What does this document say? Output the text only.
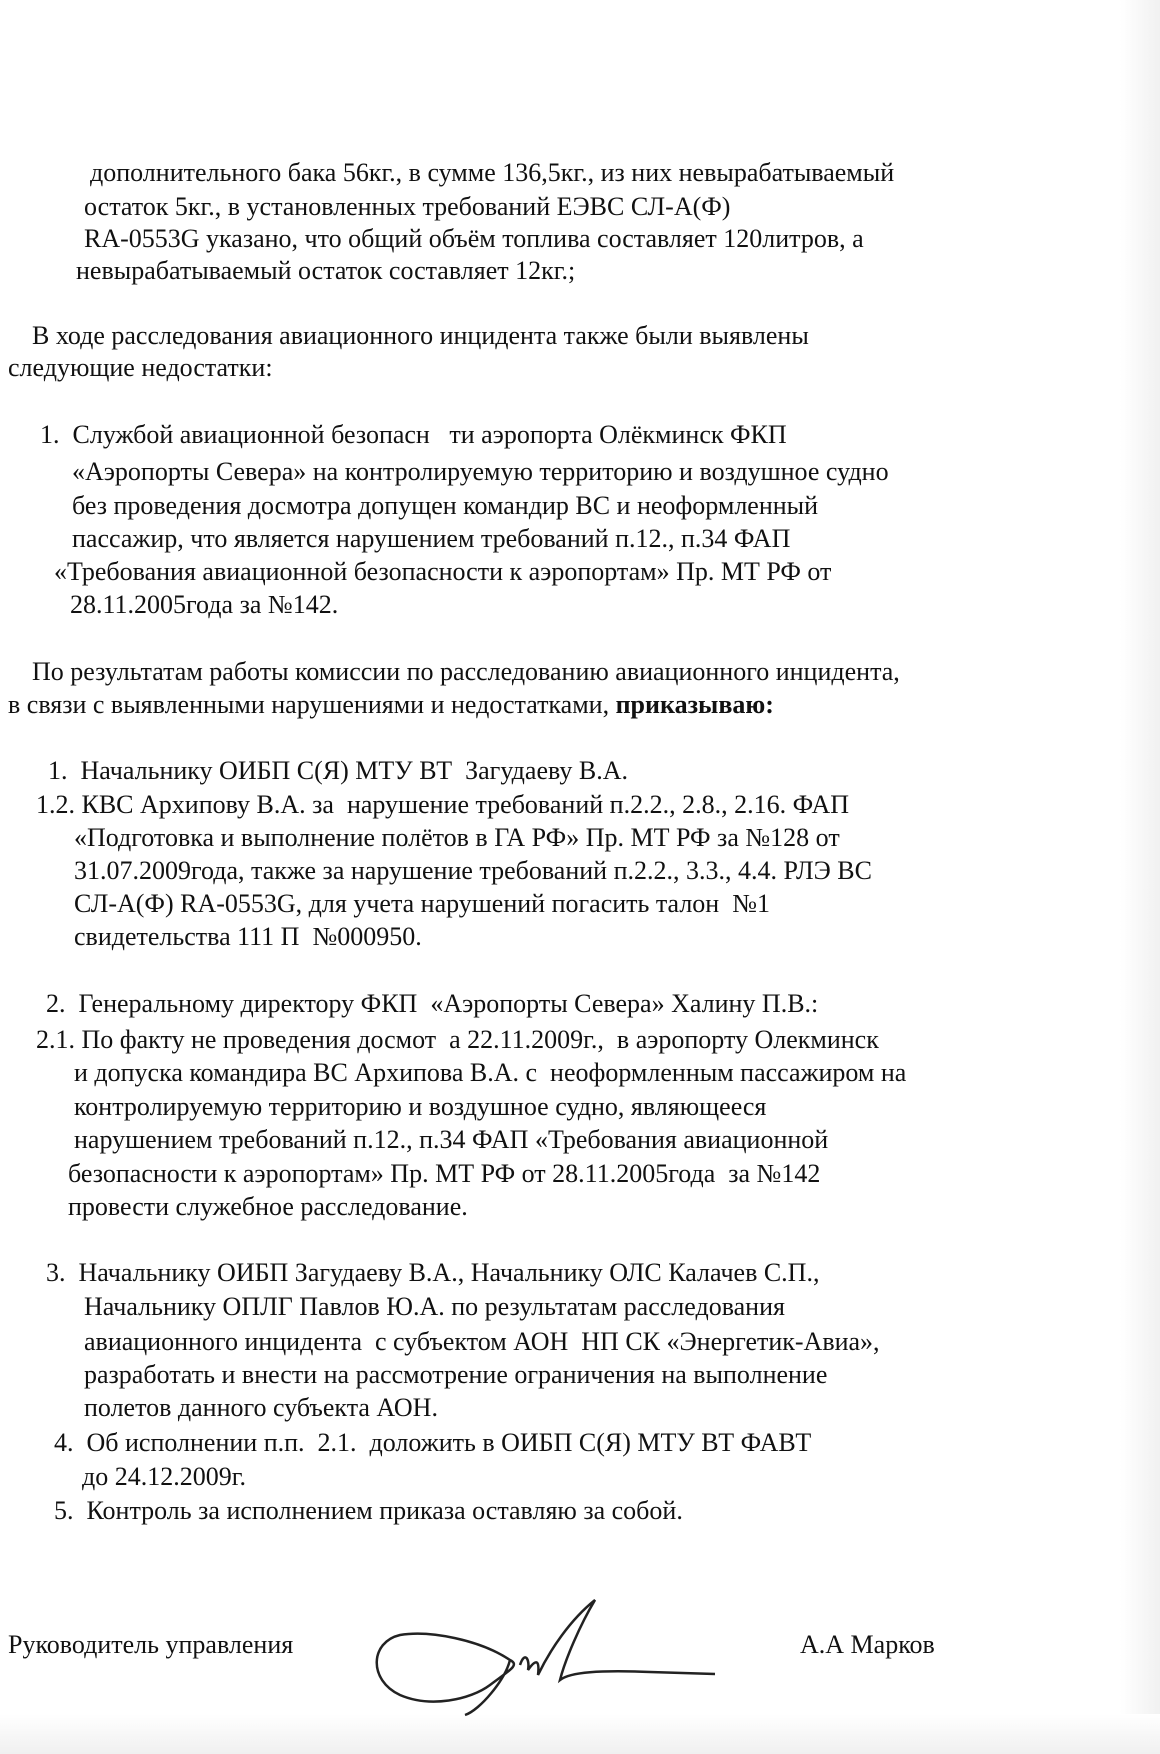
дополнительного бака 56кг., в сумме 136,5кг., из них невырабатываемый
остаток 5кг., в установленных требований ЕЭВС СЛ-А(Ф)
RA-0553G указано, что общий объём топлива составляет 120литров, а
невырабатываемый остаток составляет 12кг.;
В ходе расследования авиационного инцидента также были выявлены
следующие недостатки:
1.  Службой авиационной безопасн   ти аэропорта Олёкминск ФКП
«Аэропорты Севера» на контролируемую территорию и воздушное судно
без проведения досмотра допущен командир ВС и неоформленный
пассажир, что является нарушением требований п.12., п.34 ФАП
«Требования авиационной безопасности к аэропортам» Пр. МТ РФ от
28.11.2005года за №142.
По результатам работы комиссии по расследованию авиационного инцидента,
в связи с выявленными нарушениями и недостатками, приказываю:
1.  Начальнику ОИБП С(Я) МТУ ВТ  Загудаеву В.А.
1.2. КВС Архипову В.А. за  нарушение требований п.2.2., 2.8., 2.16. ФАП
«Подготовка и выполнение полётов в ГА РФ» Пр. МТ РФ за №128 от
31.07.2009года, также за нарушение требований п.2.2., 3.3., 4.4. РЛЭ ВС
СЛ-А(Ф) RA-0553G, для учета нарушений погасить талон  №1
свидетельства 111 П  №000950.
2.  Генеральному директору ФКП  «Аэропорты Севера» Халину П.В.:
2.1. По факту не проведения досмот  а 22.11.2009г.,  в аэропорту Олекминск
и допуска командира ВС Архипова В.А. с  неоформленным пассажиром на
контролируемую территорию и воздушное судно, являющееся
нарушением требований п.12., п.34 ФАП «Требования авиационной
безопасности к аэропортам» Пр. МТ РФ от 28.11.2005года  за №142
провести служебное расследование.
3.  Начальнику ОИБП Загудаеву В.А., Начальнику ОЛС Калачев С.П.,
Начальнику ОПЛГ Павлов Ю.А. по результатам расследования
авиационного инцидента  с субъектом АОН  НП СК «Энергетик-Авиа»,
разработать и внести на рассмотрение ограничения на выполнение
полетов данного субъекта АОН.
4.  Об исполнении п.п.  2.1.  доложить в ОИБП С(Я) МТУ ВТ ФАВТ
до 24.12.2009г.
5.  Контроль за исполнением приказа оставляю за собой.
Руководитель управления	А.А Марков
